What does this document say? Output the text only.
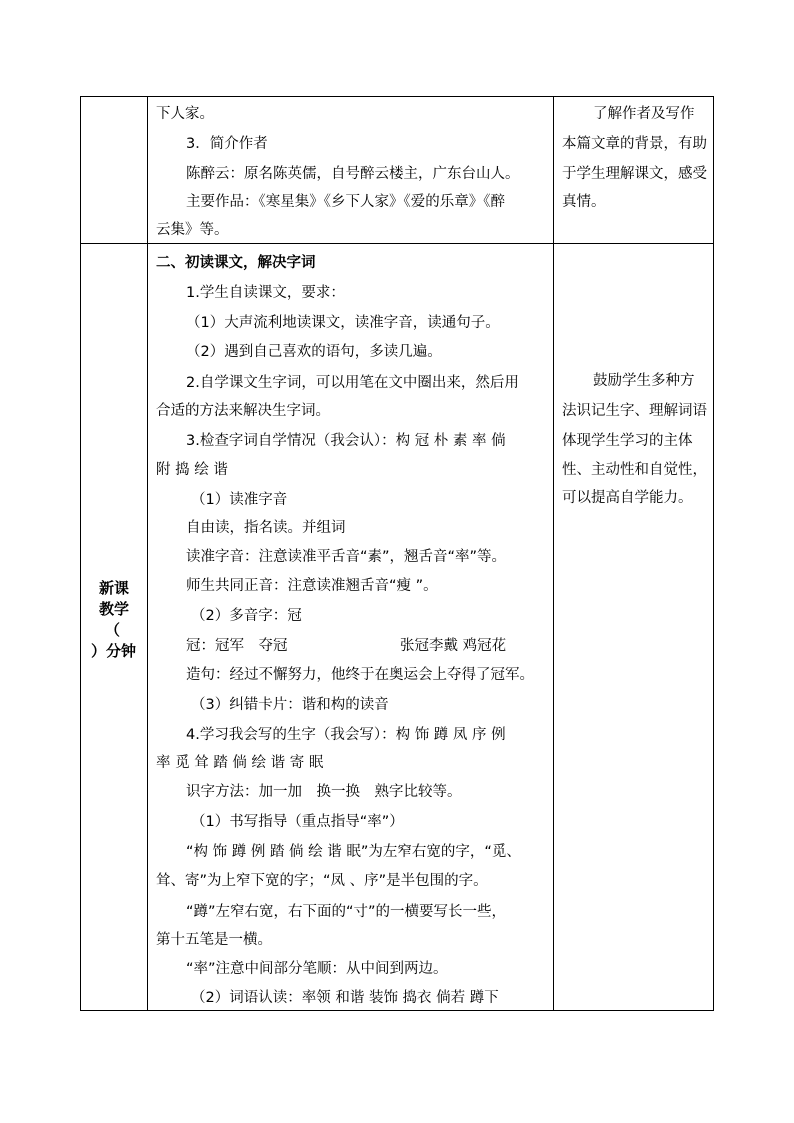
下人家。
3．简介作者
陈醉云：原名陈英儒，自号醉云楼主，广东台山人。
主要作品：《寒星集》《乡下人家》《爱的乐章》《醉
云集》等。
了解作者及写作
本篇文章的背景，有助
于学生理解课文，感受
真情。
新课
教学
（
）分钟
二、初读课文，解决字词
1.学生自读课文，要求：
（1）大声流利地读课文，读准字音，读通句子。
（2）遇到自己喜欢的语句，多读几遍。
2.自学课文生字词，可以用笔在文中圈出来，然后用
合适的方法来解决生字词。
3.检查字词自学情况（我会认）：构 冠 朴 素 率 倘
附 捣 绘 谐
（1）读准字音
自由读，指名读。并组词
读准字音：注意读准平舌音“素”，翘舌音“率”等。
师生共同正音：注意读准翘舌音“瘦 ”。
（2）多音字：冠
冠：冠军　夺冠	张冠李戴 鸡冠花
造句：经过不懈努力，他终于在奥运会上夺得了冠军。
（3）纠错卡片：谐和构的读音
4.学习我会写的生字（我会写）：构 饰 蹲 凤 序 例
率 觅 耸 踏 倘 绘 谐 寄 眠
识字方法：加一加　换一换　熟字比较等。
（1）书写指导（重点指导“率”）
“构 饰 蹲 例 踏 倘 绘 谐 眠”为左窄右宽的字，“觅、
耸、寄”为上窄下宽的字；“凤 、序”是半包围的字。
“蹲”左窄右宽，右下面的“寸”的一横要写长一些，
第十五笔是一横。
“率”注意中间部分笔顺：从中间到两边。
（2）词语认读：率领 和谐 装饰 捣衣 倘若 蹲下
鼓励学生多种方
法识记生字、理解词语
体现学生学习的主体
性、主动性和自觉性，
可以提高自学能力。
